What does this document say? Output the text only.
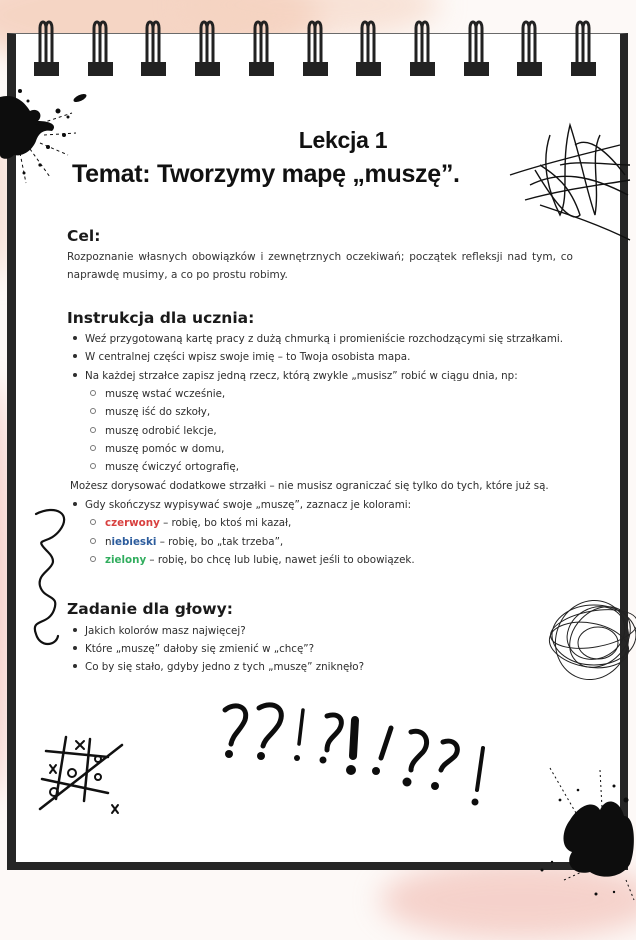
Lekcja 1
Temat: Tworzymy mapę „muszę”.
Cel:
Rozpoznanie własnych obowiązków i zewnętrznych oczekiwań; początek refleksji nad tym, co naprawdę musimy, a co po prostu robimy.
Instrukcja dla ucznia:
Weź przygotowaną kartę pracy z dużą chmurką i promieniście rozchodzącymi się strzałkami.
W centralnej części wpisz swoje imię – to Twoja osobista mapa.
Na każdej strzałce zapisz jedną rzecz, którą zwykle „musisz” robić w ciągu dnia, np:
muszę wstać wcześnie,
muszę iść do szkoły,
muszę odrobić lekcje,
muszę pomóc w domu,
muszę ćwiczyć ortografię,
Możesz dorysować dodatkowe strzałki – nie musisz ograniczać się tylko do tych, które już są.
Gdy skończysz wypisywać swoje „muszę”, zaznacz je kolorami:
czerwony – robię, bo ktoś mi kazał,
niebieski – robię, bo „tak trzeba”,
zielony – robię, bo chcę lub lubię, nawet jeśli to obowiązek.
Zadanie dla głowy:
Jakich kolorów masz najwięcej?
Które „muszę” dałoby się zmienić w „chcę”?
Co by się stało, gdyby jedno z tych „muszę” zniknęło?
